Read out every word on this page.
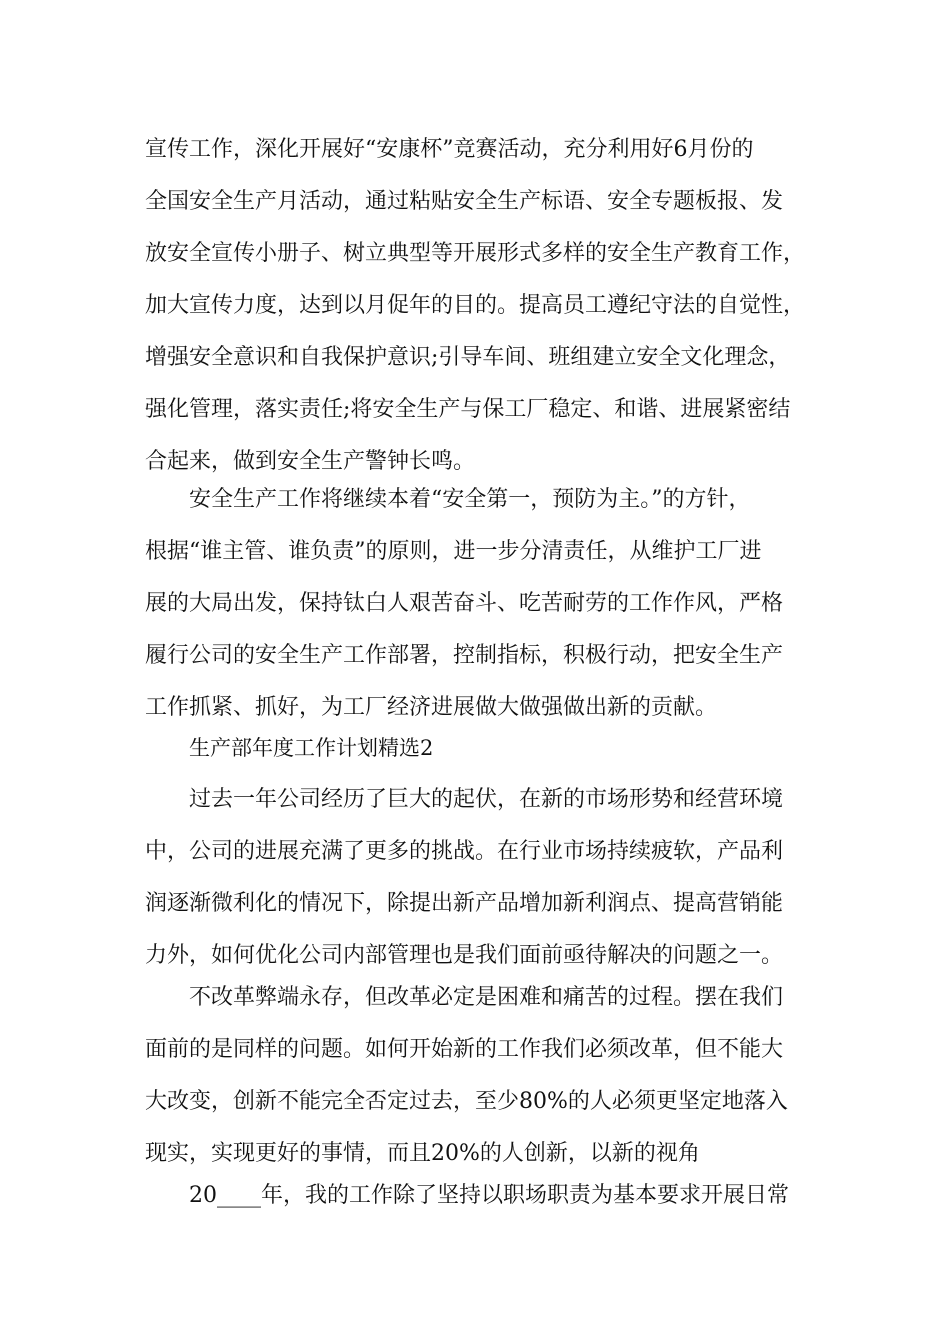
宣传工作，深化开展好“安康杯”竞赛活动，充分利用好6月份的
全国安全生产月活动，通过粘贴安全生产标语、安全专题板报、发
放安全宣传小册子、树立典型等开展形式多样的安全生产教育工作，
加大宣传力度，达到以月促年的目的。提高员工遵纪守法的自觉性，
增强安全意识和自我保护意识;引导车间、班组建立安全文化理念，
强化管理，落实责任;将安全生产与保工厂稳定、和谐、进展紧密结
合起来，做到安全生产警钟长鸣。
安全生产工作将继续本着“安全第一，预防为主。”的方针，
根据“谁主管、谁负责”的原则，进一步分清责任，从维护工厂进
展的大局出发，保持钛白人艰苦奋斗、吃苦耐劳的工作作风，严格
履行公司的安全生产工作部署，控制指标，积极行动，把安全生产
工作抓紧、抓好，为工厂经济进展做大做强做出新的贡献。
生产部年度工作计划精选2
过去一年公司经历了巨大的起伏，在新的市场形势和经营环境
中，公司的进展充满了更多的挑战。在行业市场持续疲软，产品利
润逐渐微利化的情况下，除提出新产品增加新利润点、提高营销能
力外，如何优化公司内部管理也是我们面前亟待解决的问题之一。
不改革弊端永存，但改革必定是困难和痛苦的过程。摆在我们
面前的是同样的问题。如何开始新的工作我们必须改革，但不能大
大改变，创新不能完全否定过去，至少80%的人必须更坚定地落入
现实，实现更好的事情，而且20%的人创新，以新的视角
20____年，我的工作除了坚持以职场职责为基本要求开展日常
